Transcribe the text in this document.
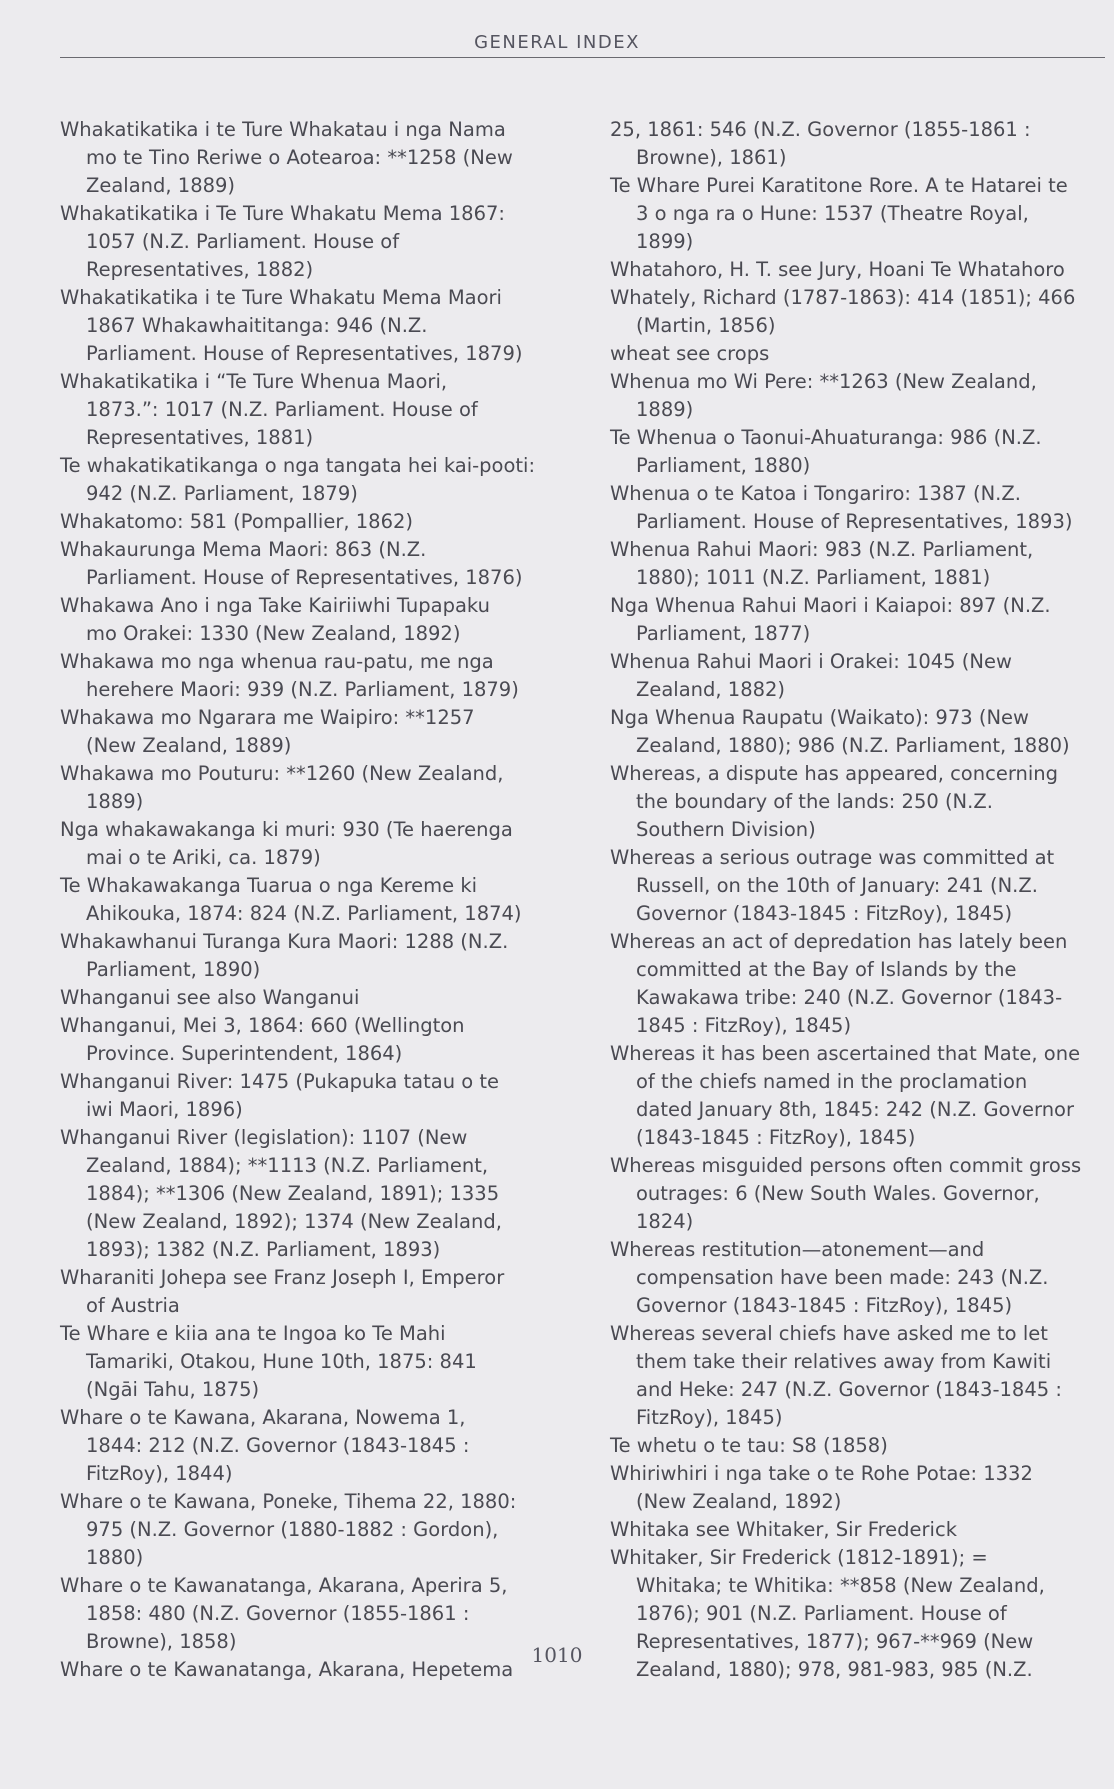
GENERAL INDEX

Whakatikatika i te Ture Whakatau i nga Nama
mo te Tino Reriwe o Aotearoa: **1258 (New
Zealand, 1889)

Whakatikatika i Te Ture Whakatu Mema 1867:
1057 (N.Z. Parliament. House of
Representatives, 1882)

Whakatikatika i te Ture Whakatu Mema Maori
1867 Whakawhaititanga: 946 (N.Z.
Parliament. House of Representatives, 1879)

Whakatikatika i “Te Ture Whenua Maori,
1873.”: 1017 (N.Z. Parliament. House of
Representatives, 1881)

Te whakatikatikanga o nga tangata hei kai-pooti:
942 (N.Z. Parliament, 1879)

Whakatomo: 581 (Pompallier, 1862)

Whakaurunga Mema Maori: 863 (N.Z.
Parliament. House of Representatives, 1876)

Whakawa Ano i nga Take Kairiiwhi Tupapaku
mo Orakei: 1330 (New Zealand, 1892)

Whakawa mo nga whenua rau-patu, me nga
herehere Maori: 939 (N.Z. Parliament, 1879)

Whakawa mo Ngarara me Waipiro: **1257
(New Zealand, 1889)

Whakawa mo Pouturu: **1260 (New Zealand,
1889)

Nga whakawakanga ki muri: 930 (Te haerenga
mai o te Ariki, ca. 1879)

Te Whakawakanga Tuarua o nga Kereme ki
Ahikouka, 1874: 824 (N.Z. Parliament, 1874)

Whakawhanui Turanga Kura Maori: 1288 (N.Z.
Parliament, 1890)

Whanganui see also Wanganui

Whanganui, Mei 3, 1864: 660 (Wellington
Province. Superintendent, 1864)

Whanganui River: 1475 (Pukapuka tatau o te
iwi Maori, 1896)

Whanganui River (legislation): 1107 (New
Zealand, 1884); **1113 (N.Z. Parliament,
1884); **1306 (New Zealand, 1891); 1335
(New Zealand, 1892); 1374 (New Zealand,
1893); 1382 (N.Z. Parliament, 1893)

Wharaniti Johepa see Franz Joseph I, Emperor
of Austria

Te Whare e kiia ana te Ingoa ko Te Mahi
Tamariki, Otakou, Hune 10th, 1875: 841
(Ngāi Tahu, 1875)

Whare o te Kawana, Akarana, Nowema 1,
1844: 212 (N.Z. Governor (1843-1845 :
FitzRoy), 1844)

Whare o te Kawana, Poneke, Tihema 22, 1880:
975 (N.Z. Governor (1880-1882 : Gordon),
1880)

Whare o te Kawanatanga, Akarana, Aperira 5,
1858: 480 (N.Z. Governor (1855-1861 :
Browne), 1858)

Whare o te Kawanatanga, Akarana, Hepetema

25, 1861: 546 (N.Z. Governor (1855-1861 :
Browne), 1861)

Te Whare Purei Karatitone Rore. A te Hatarei te
3 o nga ra o Hune: 1537 (Theatre Royal,
1899)

Whatahoro, H. T. see Jury, Hoani Te Whatahoro

Whately, Richard (1787-1863): 414 (1851); 466
(Martin, 1856)

wheat see crops

Whenua mo Wi Pere: **1263 (New Zealand,
1889)

Te Whenua o Taonui-Ahuaturanga: 986 (N.Z.
Parliament, 1880)

Whenua o te Katoa i Tongariro: 1387 (N.Z.
Parliament. House of Representatives, 1893)

Whenua Rahui Maori: 983 (N.Z. Parliament,
1880); 1011 (N.Z. Parliament, 1881)

Nga Whenua Rahui Maori i Kaiapoi: 897 (N.Z.
Parliament, 1877)

Whenua Rahui Maori i Orakei: 1045 (New
Zealand, 1882)

Nga Whenua Raupatu (Waikato): 973 (New
Zealand, 1880); 986 (N.Z. Parliament, 1880)

Whereas, a dispute has appeared, concerning
the boundary of the lands: 250 (N.Z.
Southern Division)

Whereas a serious outrage was committed at
Russell, on the 10th of January: 241 (N.Z.
Governor (1843-1845 : FitzRoy), 1845)

Whereas an act of depredation has lately been
committed at the Bay of Islands by the
Kawakawa tribe: 240 (N.Z. Governor (1843-
1845 : FitzRoy), 1845)

Whereas it has been ascertained that Mate, one
of the chiefs named in the proclamation
dated January 8th, 1845: 242 (N.Z. Governor
(1843-1845 : FitzRoy), 1845)

Whereas misguided persons often commit gross
outrages: 6 (New South Wales. Governor,
1824)

Whereas restitution—atonement—and
compensation have been made: 243 (N.Z.
Governor (1843-1845 : FitzRoy), 1845)

Whereas several chiefs have asked me to let
them take their relatives away from Kawiti
and Heke: 247 (N.Z. Governor (1843-1845 :
FitzRoy), 1845)

Te whetu o te tau: S8 (1858)

Whiriwhiri i nga take o te Rohe Potae: 1332
(New Zealand, 1892)

Whitaka see Whitaker, Sir Frederick

Whitaker, Sir Frederick (1812-1891); =
Whitaka; te Whitika: **858 (New Zealand,
1876); 901 (N.Z. Parliament. House of
Representatives, 1877); 967-**969 (New
Zealand, 1880); 978, 981-983, 985 (N.Z.

1010
